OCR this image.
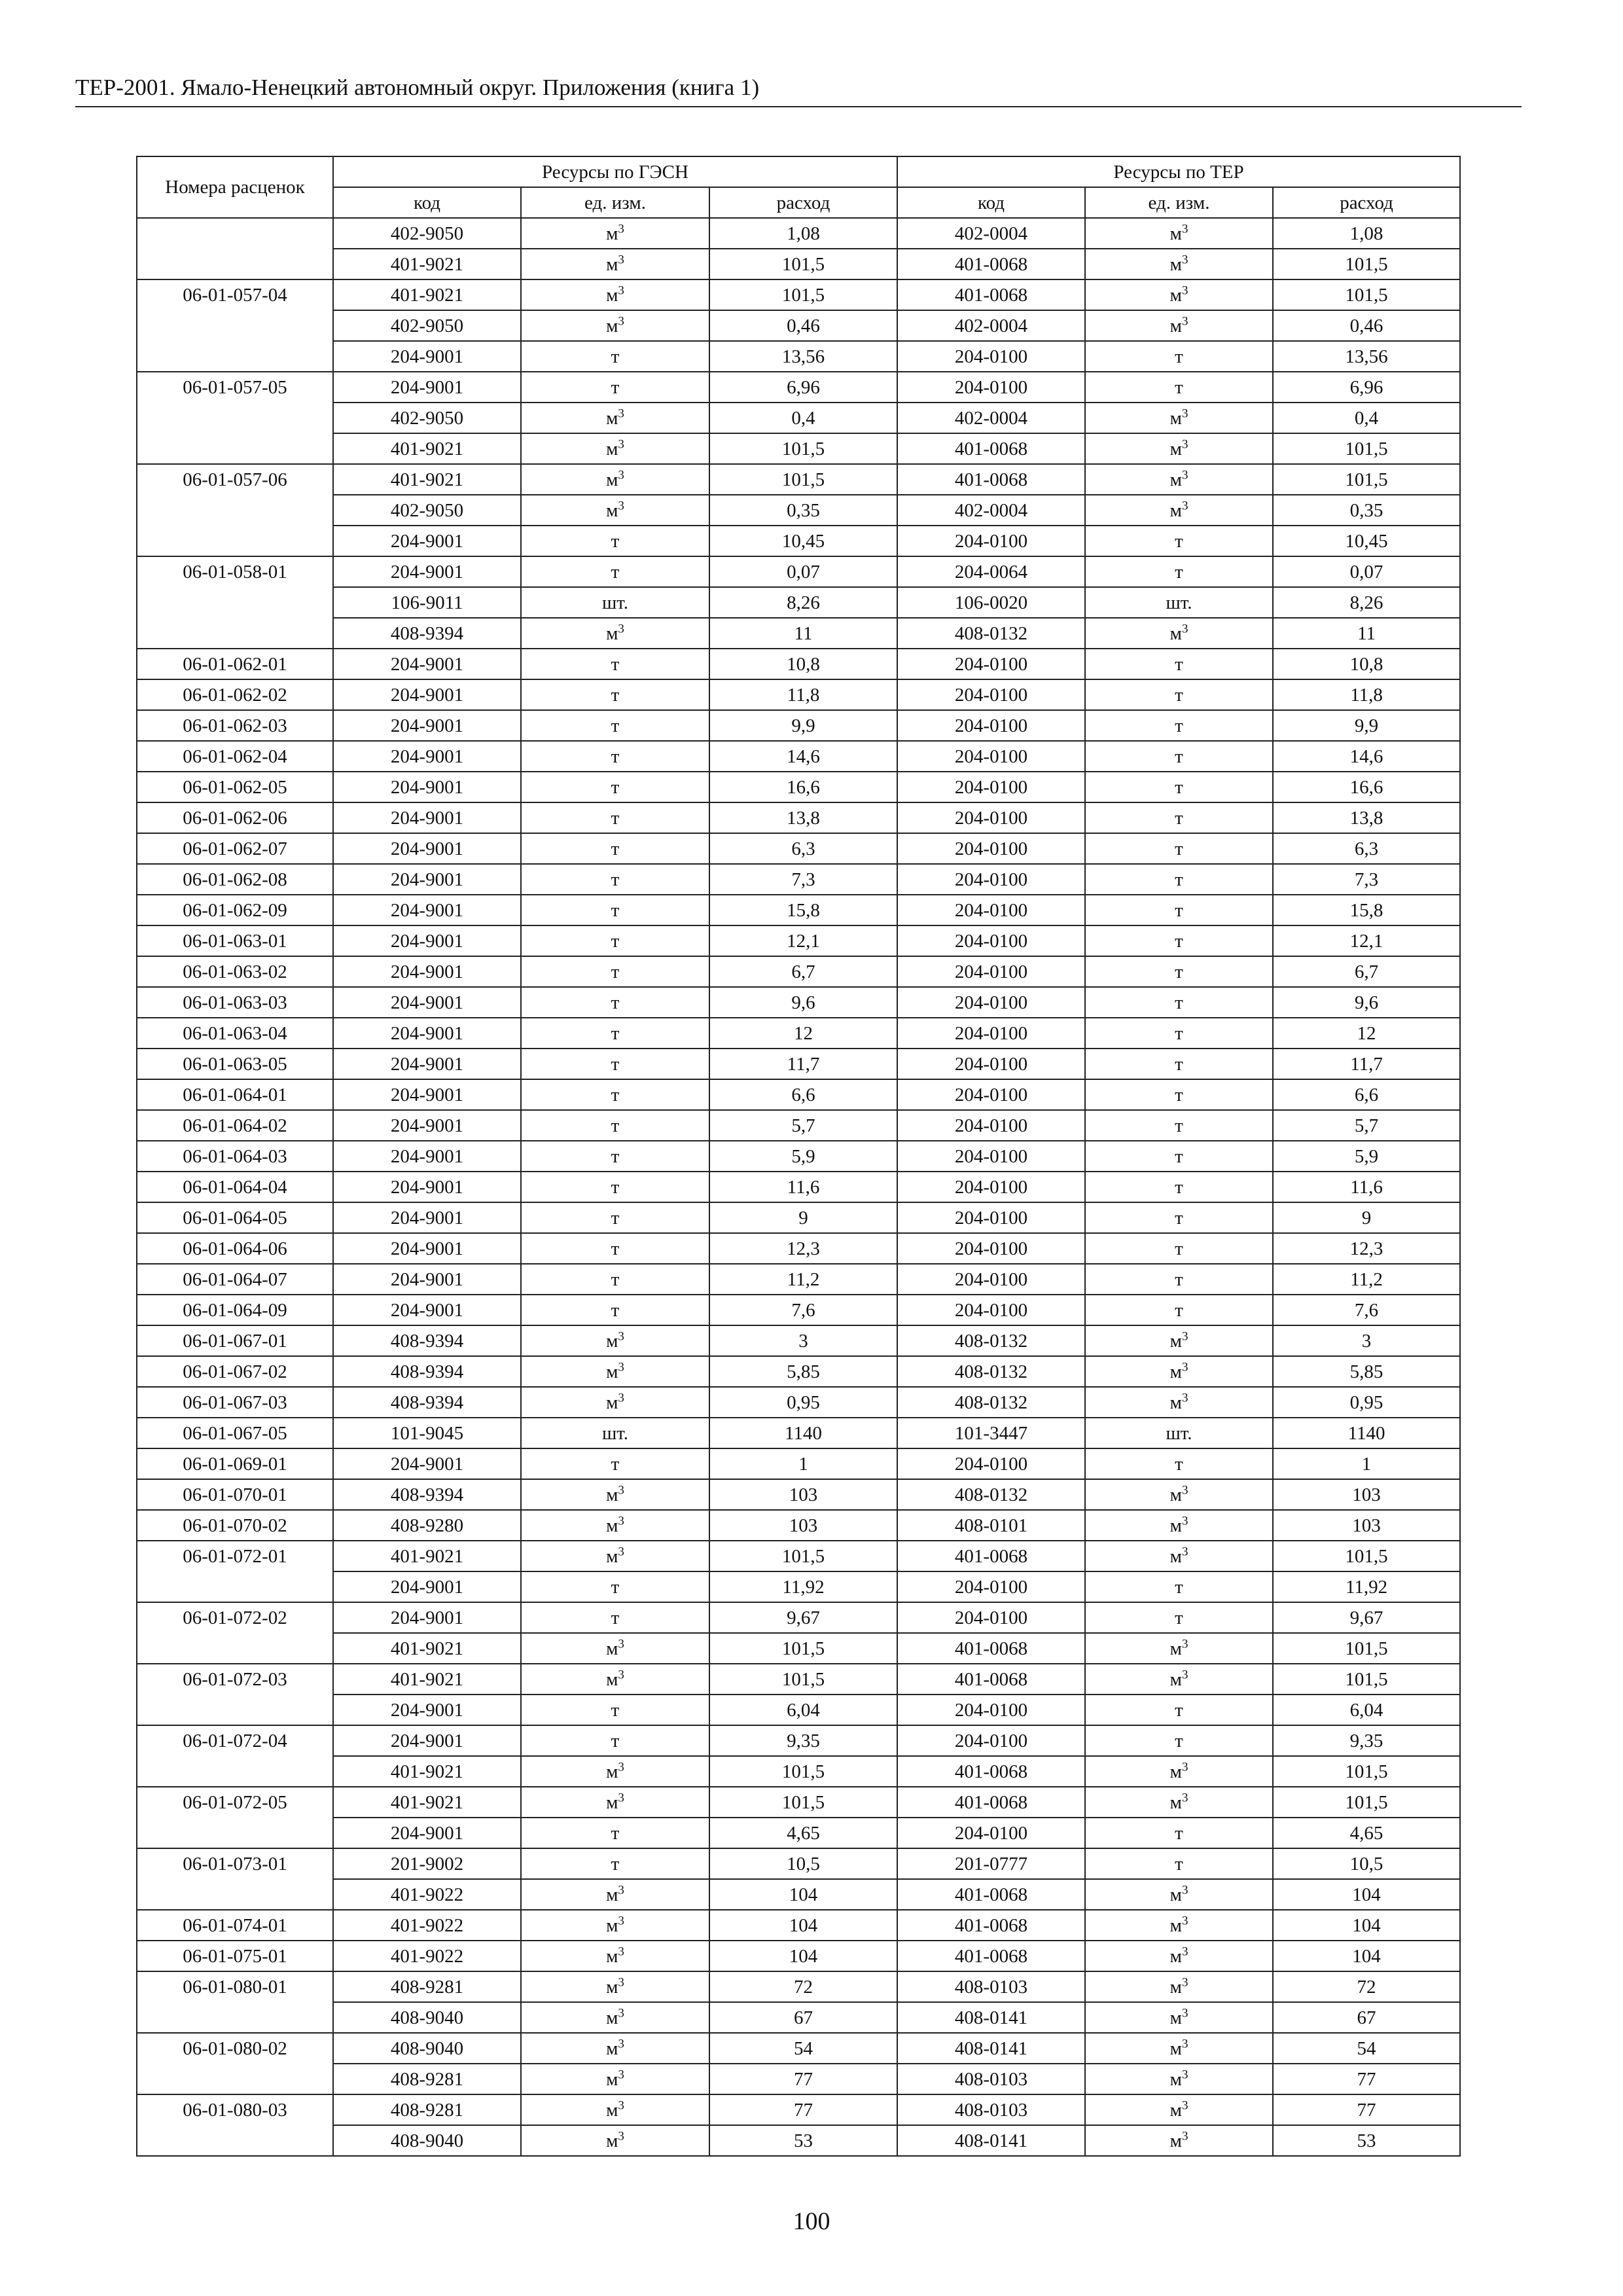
ТЕР-2001. Ямало-Ненецкий автономный округ. Приложения (книга 1)
Номера расценок	Ресурсы по ГЭСН			Ресурсы по ТЕР		
	код	ед. изм.	расход	код	ед. изм.	расход
	402-9050	$м^3$	1,08	402-0004	$м^3$	1,08
	401-9021	$м^3$	101,5	401-0068	$м^3$	101,5
06-01-057-04	401-9021	$м^3$	101,5	401-0068	$м^3$	101,5
	402-9050	$м^3$	0,46	402-0004	$м^3$	0,46
	204-9001	т	13,56	204-0100	т	13,56
06-01-057-05	204-9001	т	6,96	204-0100	т	6,96
	402-9050	$м^3$	0,4	402-0004	$м^3$	0,4
	401-9021	$м^3$	101,5	401-0068	$м^3$	101,5
06-01-057-06	401-9021	$м^3$	101,5	401-0068	$м^3$	101,5
	402-9050	$м^3$	0,35	402-0004	$м^3$	0,35
	204-9001	т	10,45	204-0100	т	10,45
06-01-058-01	204-9001	т	0,07	204-0064	т	0,07
	106-9011	шт.	8,26	106-0020	шт.	8,26
	408-9394	$м^3$	11	408-0132	$м^3$	11
06-01-062-01	204-9001	т	10,8	204-0100	т	10,8
06-01-062-02	204-9001	т	11,8	204-0100	т	11,8
06-01-062-03	204-9001	т	9,9	204-0100	т	9,9
06-01-062-04	204-9001	т	14,6	204-0100	т	14,6
06-01-062-05	204-9001	т	16,6	204-0100	т	16,6
06-01-062-06	204-9001	т	13,8	204-0100	т	13,8
06-01-062-07	204-9001	т	6,3	204-0100	т	6,3
06-01-062-08	204-9001	т	7,3	204-0100	т	7,3
06-01-062-09	204-9001	т	15,8	204-0100	т	15,8
06-01-063-01	204-9001	т	12,1	204-0100	т	12,1
06-01-063-02	204-9001	т	6,7	204-0100	т	6,7
06-01-063-03	204-9001	т	9,6	204-0100	т	9,6
06-01-063-04	204-9001	т	12	204-0100	т	12
06-01-063-05	204-9001	т	11,7	204-0100	т	11,7
06-01-064-01	204-9001	т	6,6	204-0100	т	6,6
06-01-064-02	204-9001	т	5,7	204-0100	т	5,7
06-01-064-03	204-9001	т	5,9	204-0100	т	5,9
06-01-064-04	204-9001	т	11,6	204-0100	т	11,6
06-01-064-05	204-9001	т	9	204-0100	т	9
06-01-064-06	204-9001	т	12,3	204-0100	т	12,3
06-01-064-07	204-9001	т	11,2	204-0100	т	11,2
06-01-064-09	204-9001	т	7,6	204-0100	т	7,6
06-01-067-01	408-9394	$м^3$	3	408-0132	$м^3$	3
06-01-067-02	408-9394	$м^3$	5,85	408-0132	$м^3$	5,85
06-01-067-03	408-9394	$м^3$	0,95	408-0132	$м^3$	0,95
06-01-067-05	101-9045	шт.	1140	101-3447	шт.	1140
06-01-069-01	204-9001	т	1	204-0100	т	1
06-01-070-01	408-9394	$м^3$	103	408-0132	$м^3$	103
06-01-070-02	408-9280	$м^3$	103	408-0101	$м^3$	103
06-01-072-01	401-9021	$м^3$	101,5	401-0068	$м^3$	101,5
	204-9001	т	11,92	204-0100	т	11,92
06-01-072-02	204-9001	т	9,67	204-0100	т	9,67
	401-9021	$м^3$	101,5	401-0068	$м^3$	101,5
06-01-072-03	401-9021	$м^3$	101,5	401-0068	$м^3$	101,5
	204-9001	т	6,04	204-0100	т	6,04
06-01-072-04	204-9001	т	9,35	204-0100	т	9,35
	401-9021	$м^3$	101,5	401-0068	$м^3$	101,5
06-01-072-05	401-9021	$м^3$	101,5	401-0068	$м^3$	101,5
	204-9001	т	4,65	204-0100	т	4,65
06-01-073-01	201-9002	т	10,5	201-0777	т	10,5
	401-9022	$м^3$	104	401-0068	$м^3$	104
06-01-074-01	401-9022	$м^3$	104	401-0068	$м^3$	104
06-01-075-01	401-9022	$м^3$	104	401-0068	$м^3$	104
06-01-080-01	408-9281	$м^3$	72	408-0103	$м^3$	72
	408-9040	$м^3$	67	408-0141	$м^3$	67
06-01-080-02	408-9040	$м^3$	54	408-0141	$м^3$	54
	408-9281	$м^3$	77	408-0103	$м^3$	77
06-01-080-03	408-9281	$м^3$	77	408-0103	$м^3$	77
	408-9040	$м^3$	53	408-0141	$м^3$	53
100
